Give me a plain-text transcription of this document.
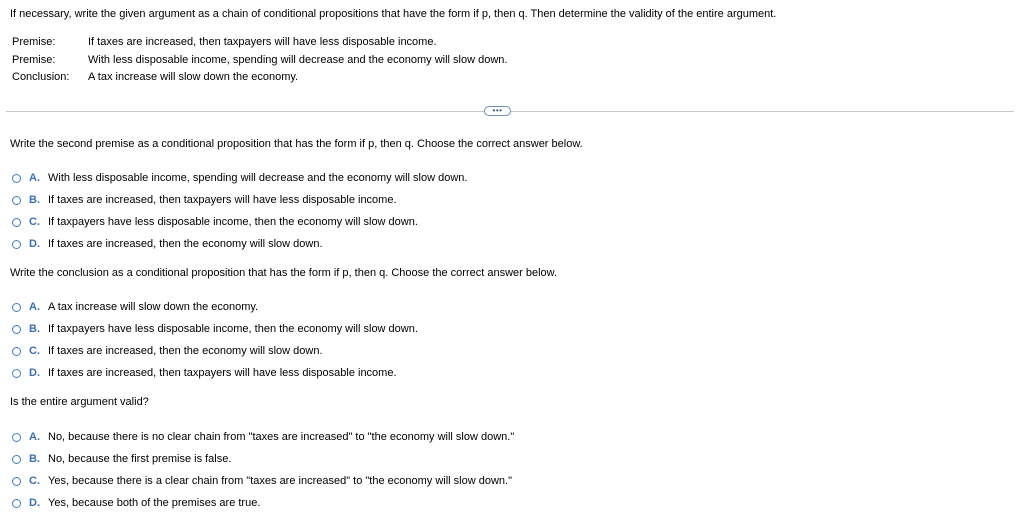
If necessary, write the given argument as a chain of conditional propositions that have the form if p, then q. Then determine the validity of the entire argument.
Premise:	If taxes are increased, then taxpayers will have less disposable income.
Premise:	With less disposable income, spending will decrease and the economy will slow down.
Conclusion: A tax increase will slow down the economy.
•••
Write the second premise as a conditional proposition that has the form if p, then q. Choose the correct answer below.
A. With less disposable income, spending will decrease and the economy will slow down.
B. If taxes are increased, then taxpayers will have less disposable income.
C. If taxpayers have less disposable income, then the economy will slow down.
D. If taxes are increased, then the economy will slow down.
Write the conclusion as a conditional proposition that has the form if p, then q. Choose the correct answer below.
A. A tax increase will slow down the economy.
B. If taxpayers have less disposable income, then the economy will slow down.
C. If taxes are increased, then the economy will slow down.
D. If taxes are increased, then taxpayers will have less disposable income.
Is the entire argument valid?
A. No, because there is no clear chain from "taxes are increased" to "the economy will slow down."
B. No, because the first premise is false.
C. Yes, because there is a clear chain from "taxes are increased" to "the economy will slow down."
D. Yes, because both of the premises are true.
